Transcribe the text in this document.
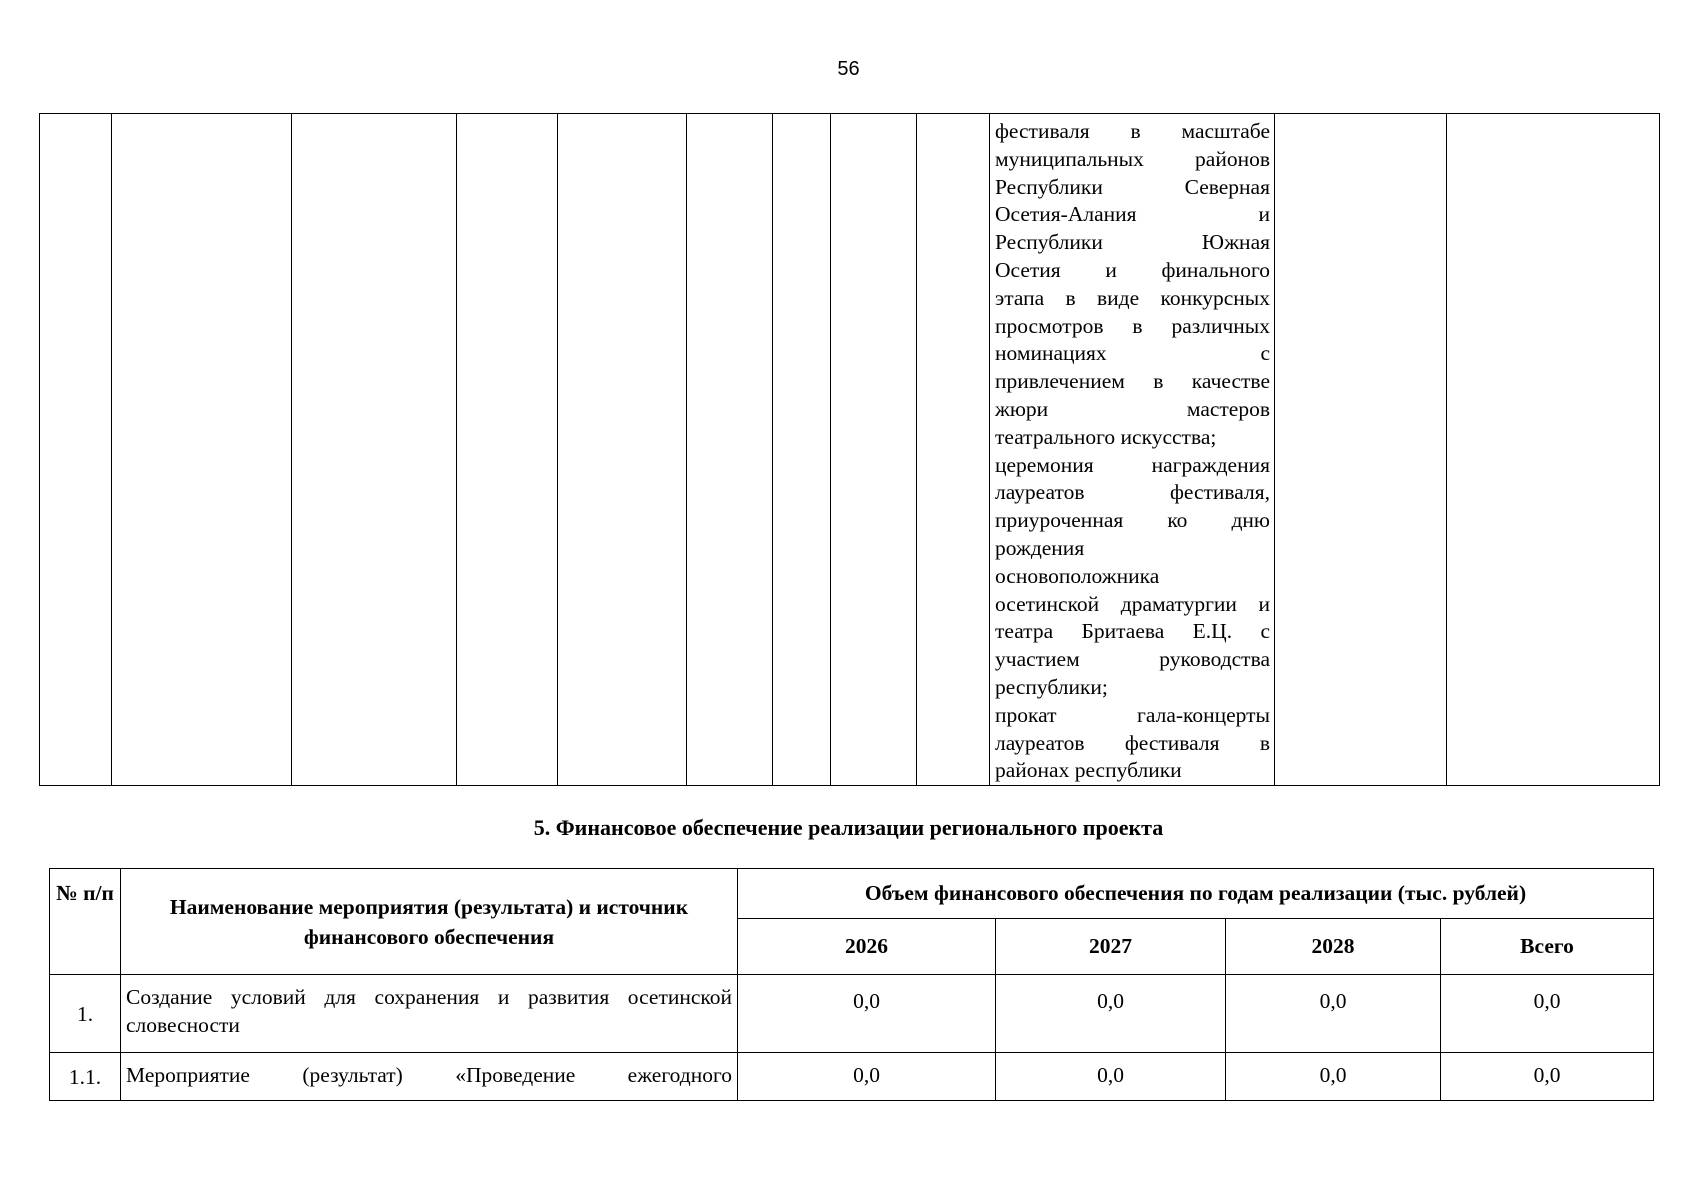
56

фестиваля в масштабе
муниципальных районов
Республики Северная
Осетия-Алания и
Республики Южная
Осетия и финального
этапа в виде конкурсных
просмотров в различных
номинациях с
привлечением в качестве
жюри мастеров
театрального искусства;
церемония награждения
лауреатов фестиваля,
приуроченная ко дню
рождения
основоположника
осетинской драматургии и
театра Бритаева Е.Ц. с
участием руководства
республики;
прокат гала-концерты
лауреатов фестиваля в
районах республики

5. Финансовое обеспечение реализации регионального проекта
№ п/п	Наименование мероприятия (результата) и источник финансового обеспечения	Объем финансового обеспечения по годам реализации (тыс. рублей)			
		2026	2027	2028	Всего
1.	Создание условий для сохранения и развития осетинской словесности	0,0	0,0	0,0	0,0
1.1.	Мероприятие (результат) «Проведение ежегодного	0,0	0,0	0,0	0,0
